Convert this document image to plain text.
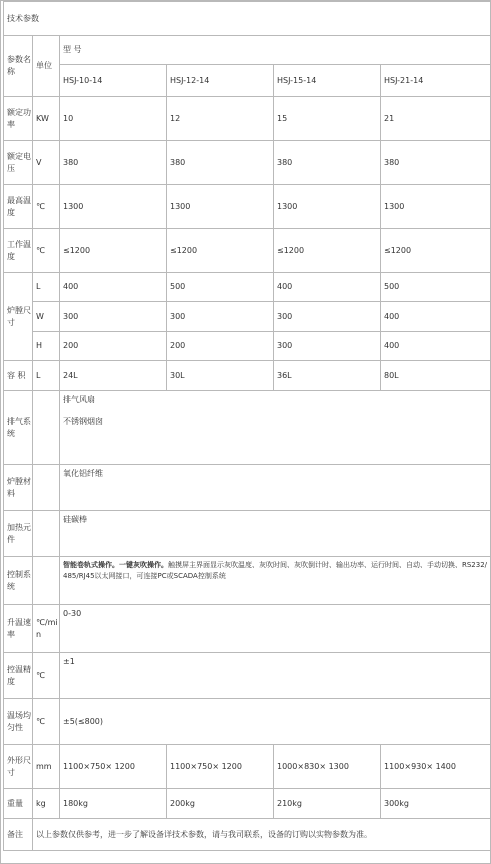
技术参数					
参数名称	单位	型 号			
		HSJ-10-14	HSJ-12-14	HSJ-15-14	HSJ-21-14
额定功率	KW	10	12	15	21
额定电压	V	380	380	380	380
最高温度	℃	1300	1300	1300	1300
工作温度	℃	≤1200	≤1200	≤1200	≤1200
炉膛尺寸	L	400	500	400	500
	W	300	300	300	400
	H	200	200	300	400
容 积	L	24L	30L	36L	80L
排气系统		排气风扇
不锈钢烟囱			

炉膛材料		氧化铝纤维			
加热元件		硅碳棒			
控制系统		智能卷轨式操作。一键灰吹操作。触摸屏主界面显示灰吹温度、灰吹时间、灰吹倒计时、输出功率、运行时间、自动、手动切换、RS232/485/RJ45以太网接口，可连接PC或SCADA控制系统			
升温速率	℃/min	0-30			
控温精度	℃	±1			
温场均匀性	℃	±5(≤800)			
外形尺寸	mm	1100×750× 1200	1100×750× 1200	1000×830× 1300	1100×930× 1400
重量	kg	180kg	200kg	210kg	300kg
备注	以上参数仅供参考，进一步了解设备详技术参数，请与我司联系，设备的订购以实物参数为准。				
